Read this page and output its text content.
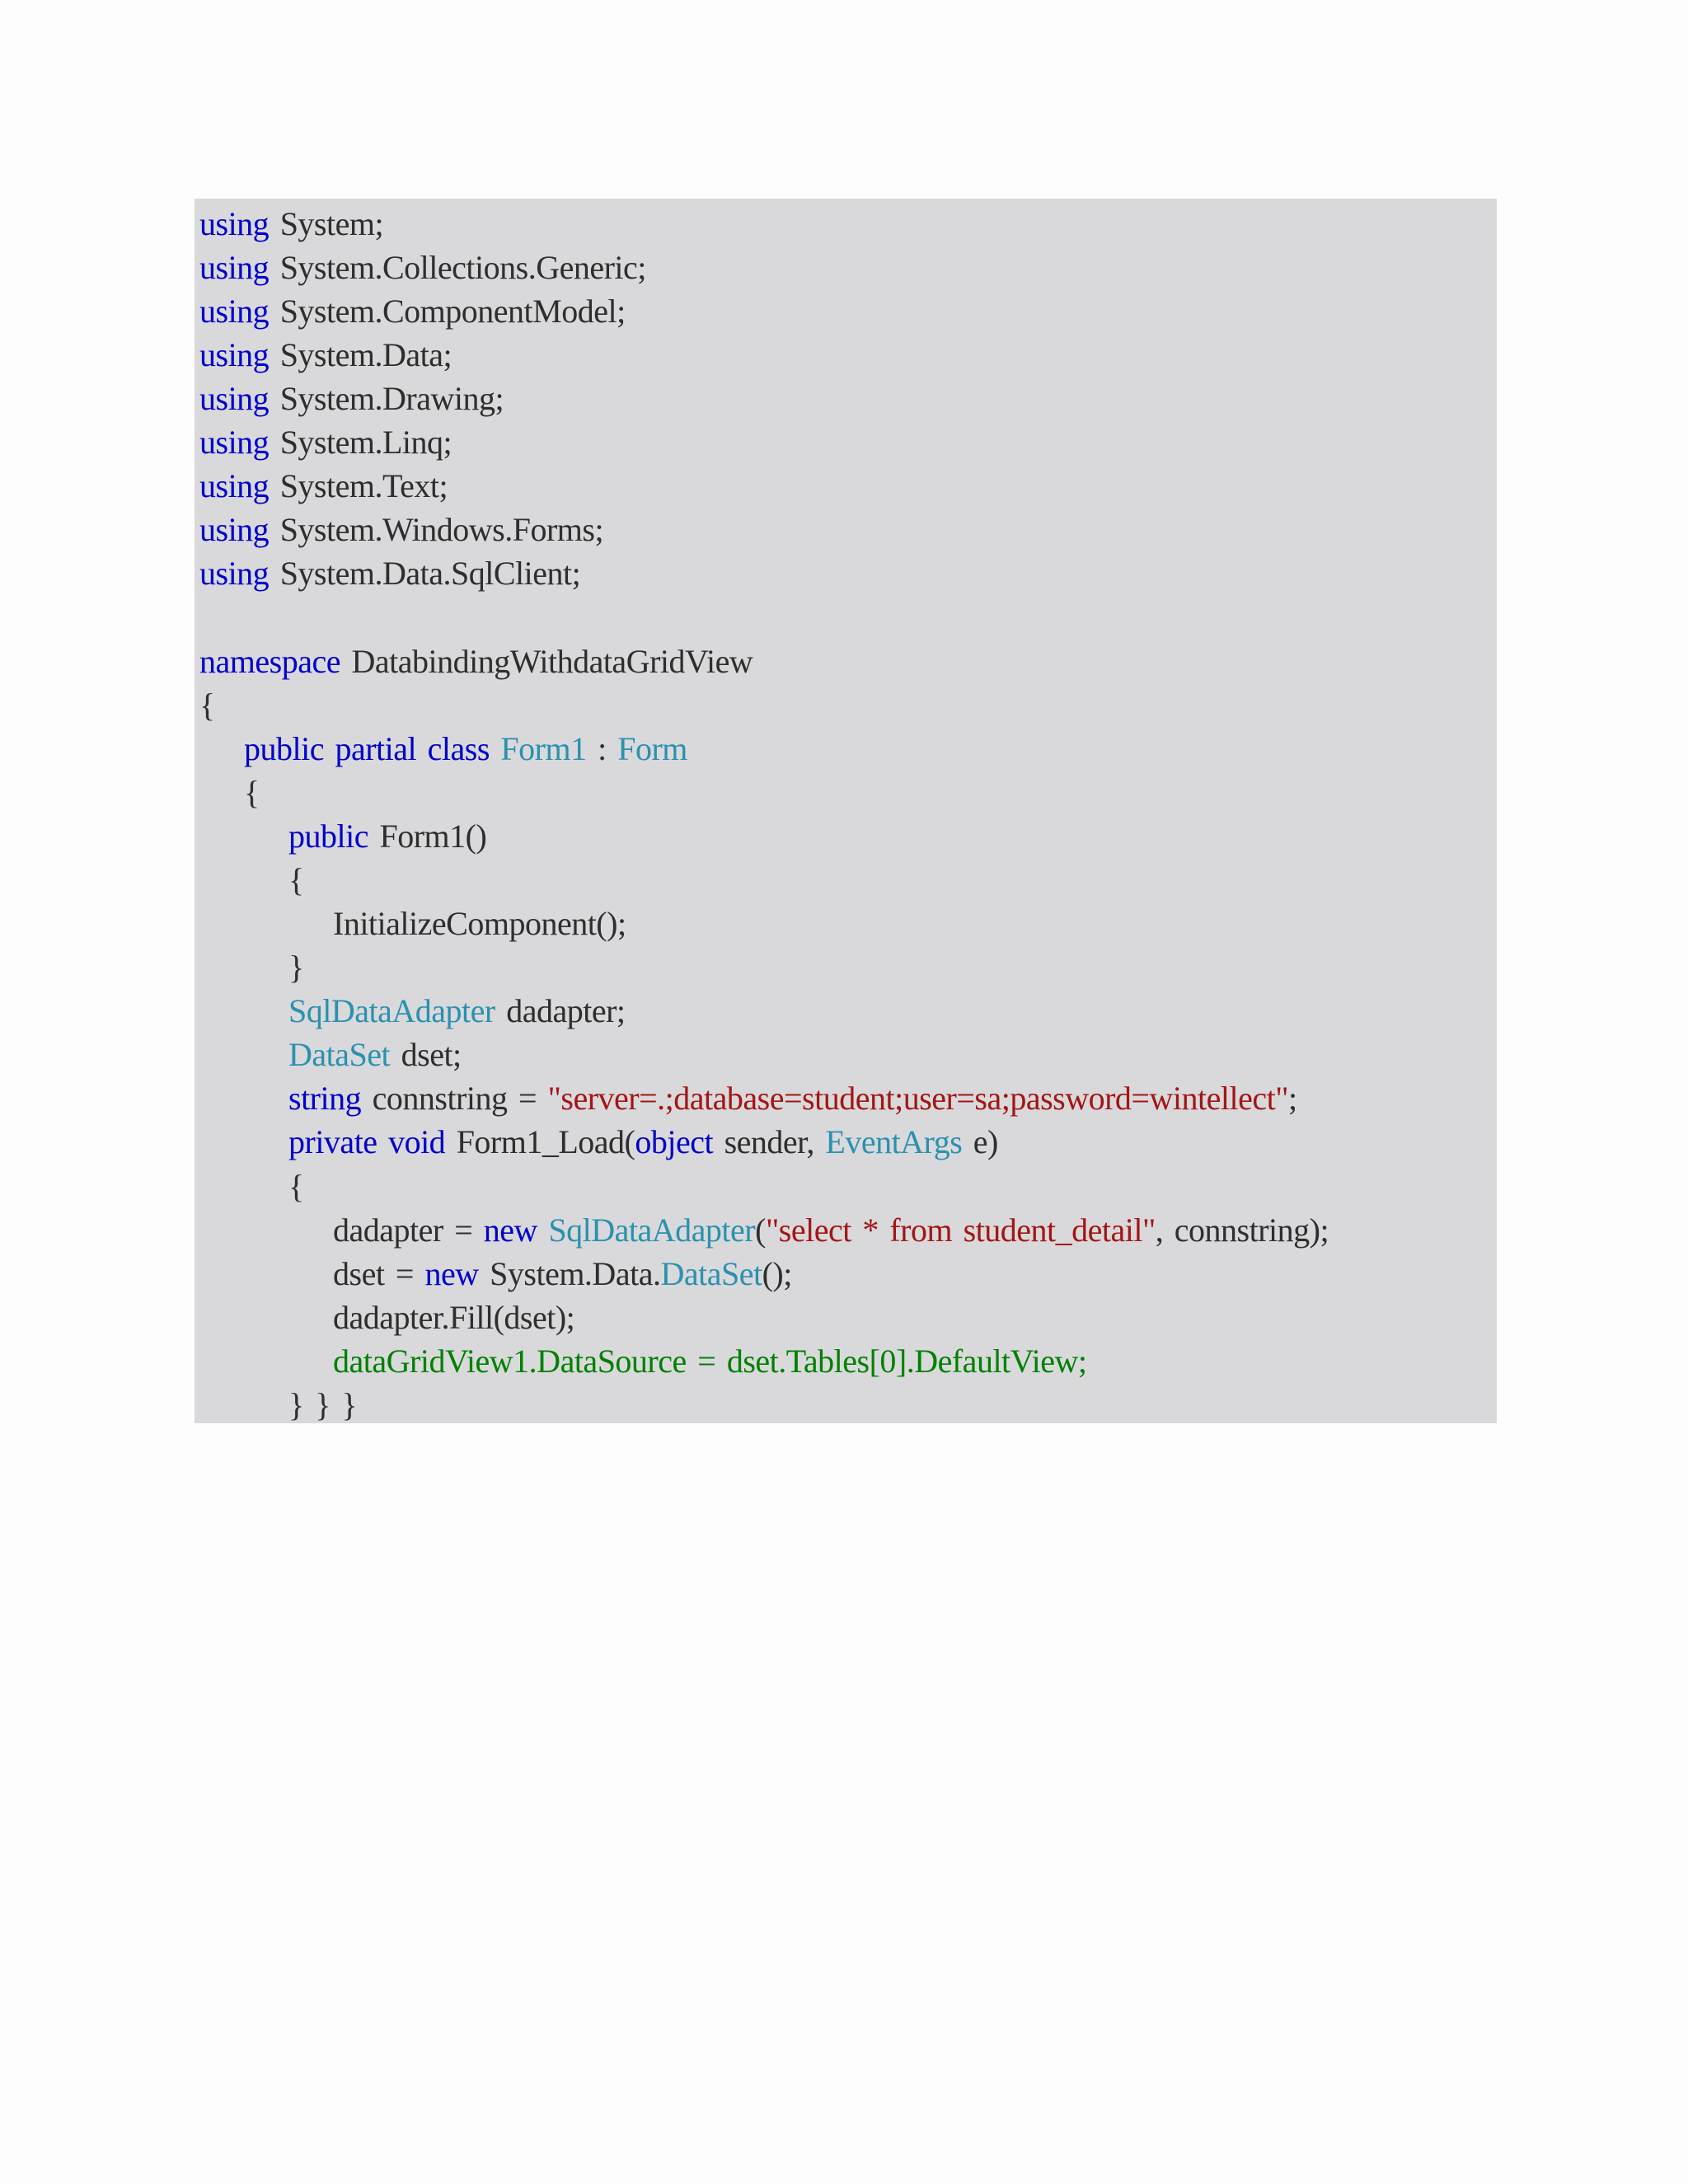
using System;
using System.Collections.Generic;
using System.ComponentModel;
using System.Data;
using System.Drawing;
using System.Linq;
using System.Text;
using System.Windows.Forms;
using System.Data.SqlClient;
namespace DatabindingWithdataGridView
{
public partial class Form1 : Form
{
public Form1()
{
InitializeComponent();
}
SqlDataAdapter dadapter;
DataSet dset;
string connstring = "server=.;database=student;user=sa;password=wintellect";
private void Form1_Load(object sender, EventArgs e)
{
dadapter = new SqlDataAdapter("select * from student_detail", connstring);
dset = new System.Data.DataSet();
dadapter.Fill(dset);
dataGridView1.DataSource = dset.Tables[0].DefaultView;
} } }
